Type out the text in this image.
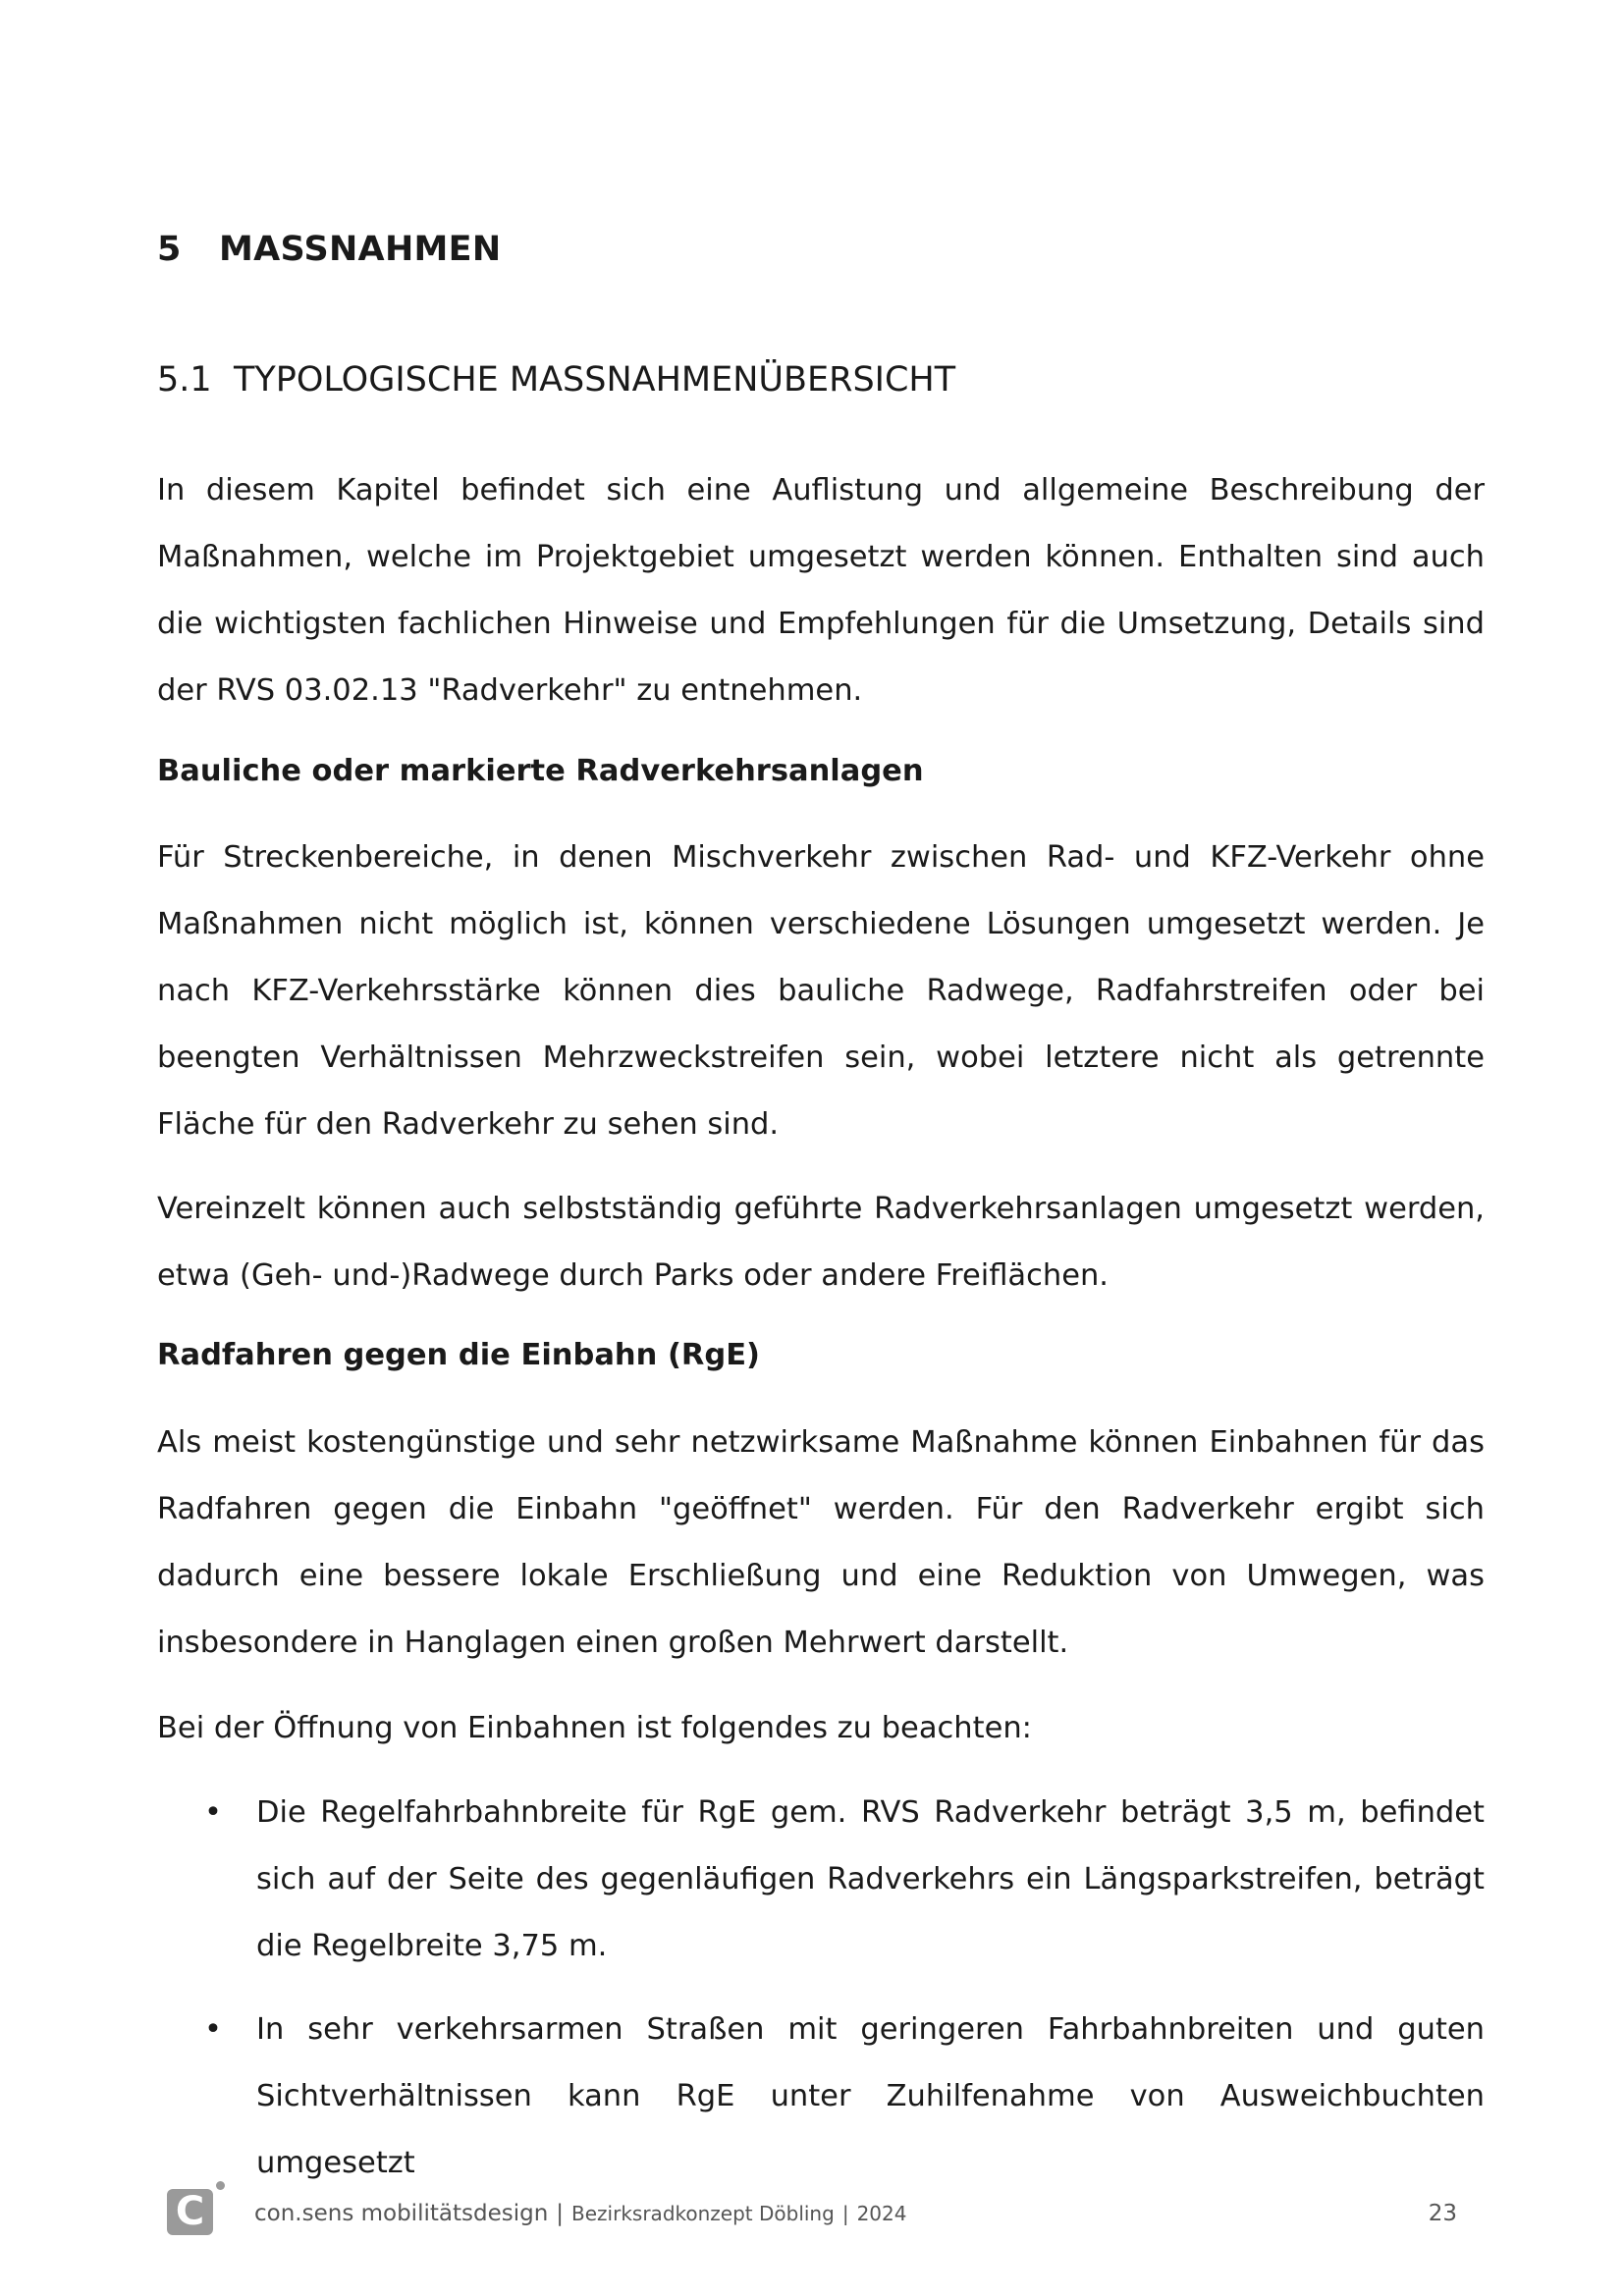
5 MASSNAHMEN
5.1 TYPOLOGISCHE MASSNAHMENÜBERSICHT
In diesem Kapitel befindet sich eine Auflistung und allgemeine Beschreibung der Maßnahmen, welche im Projektgebiet umgesetzt werden können. Enthalten sind auch die wichtigsten fachlichen Hinweise und Empfehlungen für die Umsetzung, Details sind der RVS 03.02.13 "Radverkehr" zu entnehmen.
Bauliche oder markierte Radverkehrsanlagen
Für Streckenbereiche, in denen Mischverkehr zwischen Rad- und KFZ-Verkehr ohne Maßnahmen nicht möglich ist, können verschiedene Lösungen umgesetzt werden. Je nach KFZ-Verkehrsstärke können dies bauliche Radwege, Radfahrstreifen oder bei beengten Verhältnissen Mehrzweckstreifen sein, wobei letztere nicht als getrennte Fläche für den Radverkehr zu sehen sind.
Vereinzelt können auch selbstständig geführte Radverkehrsanlagen umgesetzt werden, etwa (Geh- und-)Radwege durch Parks oder andere Freiflächen.
Radfahren gegen die Einbahn (RgE)
Als meist kostengünstige und sehr netzwirksame Maßnahme können Einbahnen für das Radfahren gegen die Einbahn "geöffnet" werden. Für den Radverkehr ergibt sich dadurch eine bessere lokale Erschließung und eine Reduktion von Umwegen, was insbesondere in Hanglagen einen großen Mehrwert darstellt.
Bei der Öffnung von Einbahnen ist folgendes zu beachten:
• Die Regelfahrbahnbreite für RgE gem. RVS Radverkehr beträgt 3,5 m, befindet sich auf der Seite des gegenläufigen Radverkehrs ein Längsparkstreifen, beträgt die Regelbreite 3,75 m.
• In sehr verkehrsarmen Straßen mit geringeren Fahrbahnbreiten und guten Sichtverhältnissen kann RgE unter Zuhilfenahme von Ausweichbuchten umgesetzt
C	con.sens mobilitätsdesign | Bezirksradkonzept Döbling | 2024	23
